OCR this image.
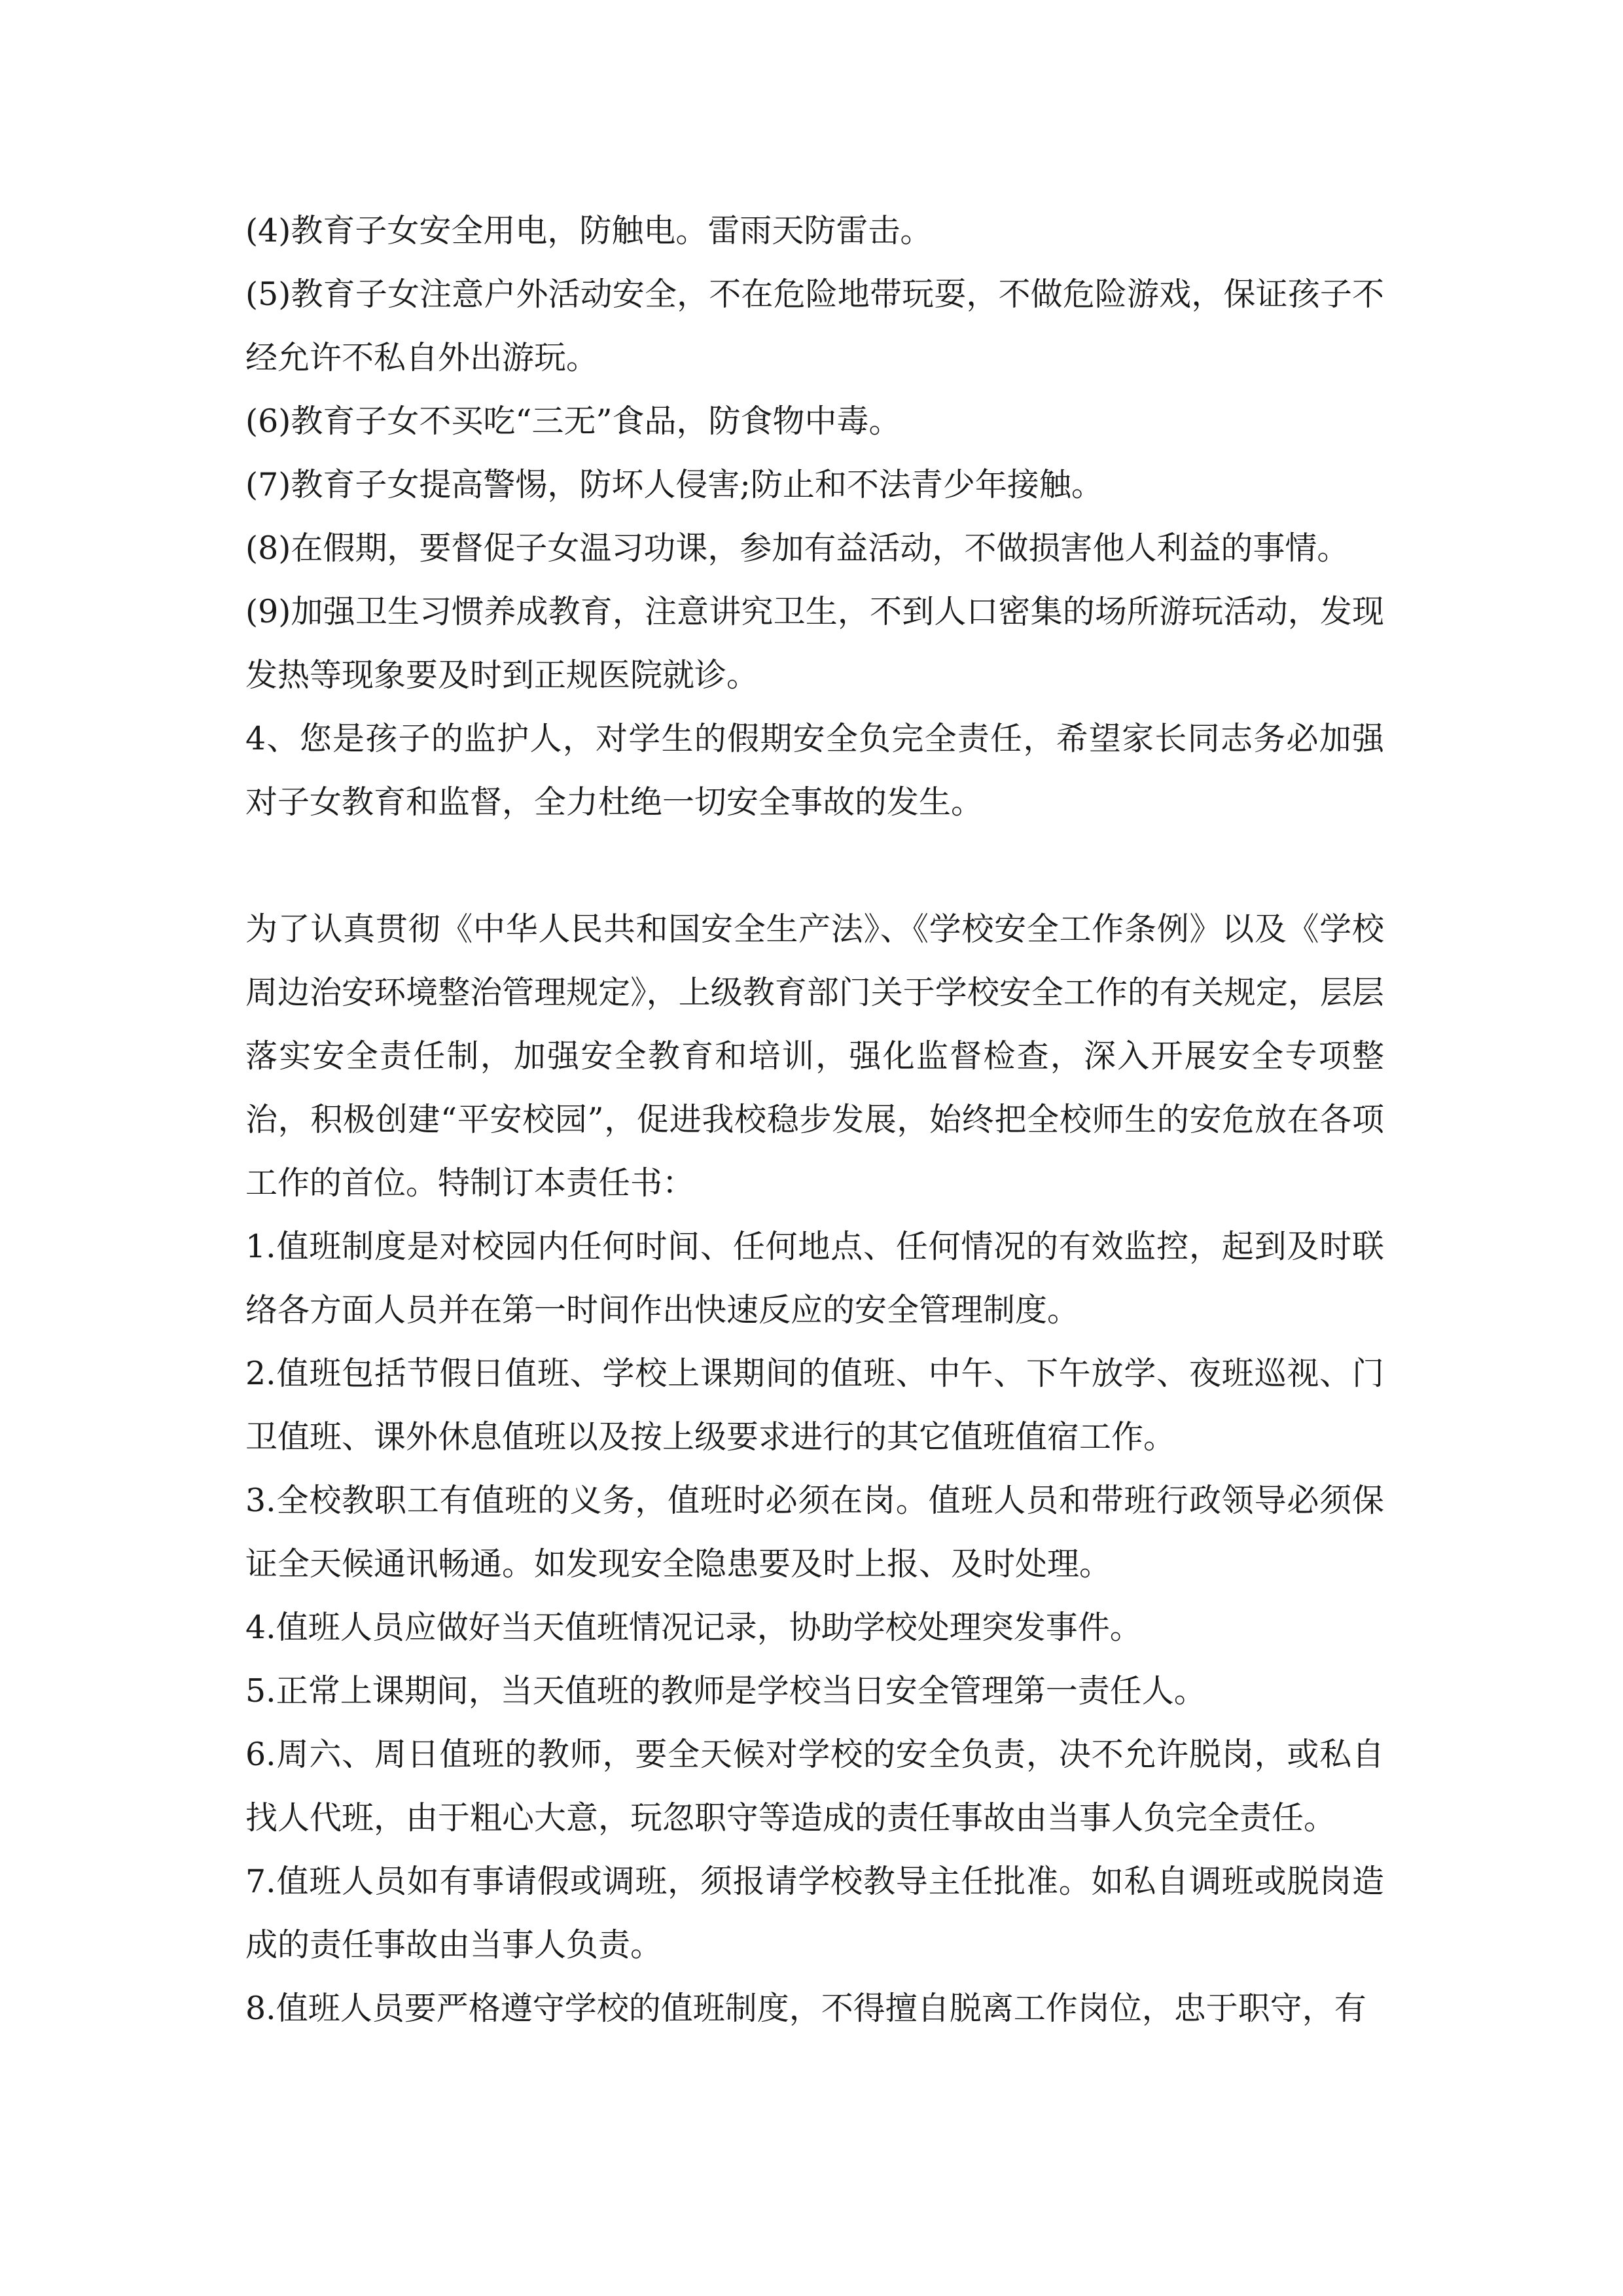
(4)教育子女安全用电，防触电。雷雨天防雷击。

(5)教育子女注意户外活动安全，不在危险地带玩耍，不做危险游戏，保证孩子不经允许不私自外出游玩。

(6)教育子女不买吃“三无”食品，防食物中毒。

(7)教育子女提高警惕，防坏人侵害;防止和不法青少年接触。

(8)在假期，要督促子女温习功课，参加有益活动，不做损害他人利益的事情。

(9)加强卫生习惯养成教育，注意讲究卫生，不到人口密集的场所游玩活动，发现发热等现象要及时到正规医院就诊。

4、您是孩子的监护人，对学生的假期安全负完全责任，希望家长同志务必加强对子女教育和监督，全力杜绝一切安全事故的发生。

为了认真贯彻《中华人民共和国安全生产法》、《学校安全工作条例》以及《学校周边治安环境整治管理规定》，上级教育部门关于学校安全工作的有关规定，层层落实安全责任制，加强安全教育和培训，强化监督检查，深入开展安全专项整治，积极创建“平安校园”，促进我校稳步发展，始终把全校师生的安危放在各项工作的首位。特制订本责任书：

1.值班制度是对校园内任何时间、任何地点、任何情况的有效监控，起到及时联络各方面人员并在第一时间作出快速反应的安全管理制度。

2.值班包括节假日值班、学校上课期间的值班、中午、下午放学、夜班巡视、门卫值班、课外休息值班以及按上级要求进行的其它值班值宿工作。

3.全校教职工有值班的义务，值班时必须在岗。值班人员和带班行政领导必须保证全天候通讯畅通。如发现安全隐患要及时上报、及时处理。

4.值班人员应做好当天值班情况记录，协助学校处理突发事件。

5.正常上课期间，当天值班的教师是学校当日安全管理第一责任人。

6.周六、周日值班的教师，要全天候对学校的安全负责，决不允许脱岗，或私自找人代班，由于粗心大意，玩忽职守等造成的责任事故由当事人负完全责任。

7.值班人员如有事请假或调班，须报请学校教导主任批准。如私自调班或脱岗造成的责任事故由当事人负责。

8.值班人员要严格遵守学校的值班制度，不得擅自脱离工作岗位，忠于职守，有
